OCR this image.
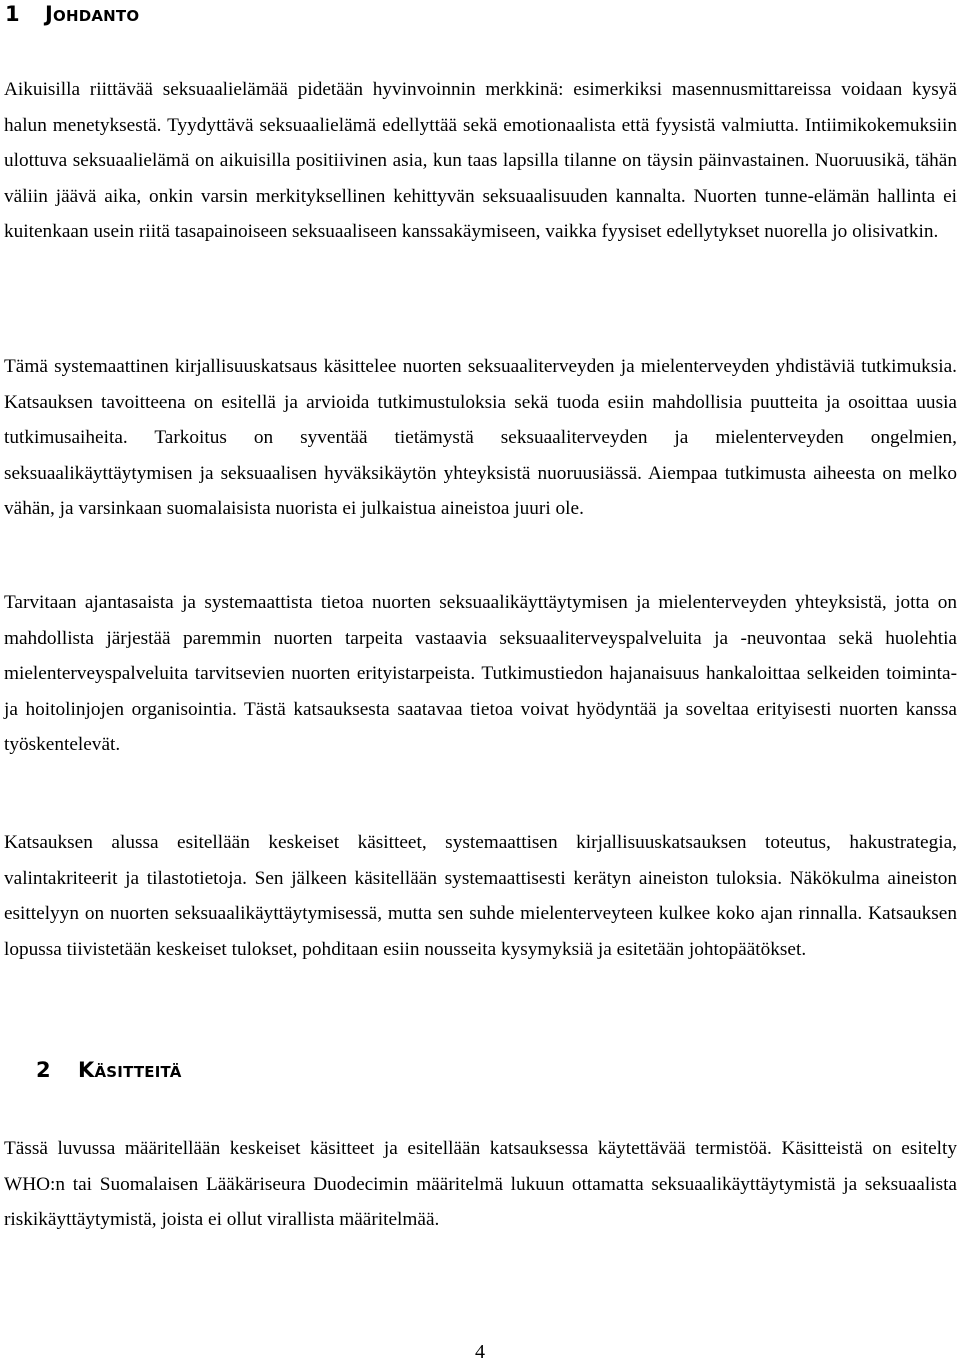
1 Johdanto

Aikuisilla riittävää seksuaalielämää pidetään hyvinvoinnin merkkinä: esimerkiksi masennusmittareissa voidaan kysyä halun menetyksestä. Tyydyttävä seksuaalielämä edellyttää sekä emotionaalista että fyysistä valmiutta. Intiimikokemuksiin ulottuva seksuaalielämä on aikuisilla positiivinen asia, kun taas lapsilla tilanne on täysin päinvastainen. Nuoruusikä, tähän väliin jäävä aika, onkin varsin merkityksellinen kehittyvän seksuaalisuuden kannalta. Nuorten tunne-elämän hallinta ei kuitenkaan usein riitä tasapainoiseen seksuaaliseen kanssakäymiseen, vaikka fyysiset edellytykset nuorella jo olisivatkin.

Tämä systemaattinen kirjallisuuskatsaus käsittelee nuorten seksuaaliterveyden ja mielenterveyden yhdistäviä tutkimuksia. Katsauksen tavoitteena on esitellä ja arvioida tutkimustuloksia sekä tuoda esiin mahdollisia puutteita ja osoittaa uusia tutkimusaiheita. Tarkoitus on syventää tietämystä seksuaaliterveyden ja mielenterveyden ongelmien, seksuaalikäyttäytymisen ja seksuaalisen hyväksikäytön yhteyksistä nuoruusiässä. Aiempaa tutkimusta aiheesta on melko vähän, ja varsinkaan suomalaisista nuorista ei julkaistua aineistoa juuri ole.

Tarvitaan ajantasaista ja systemaattista tietoa nuorten seksuaalikäyttäytymisen ja mielenterveyden yhteyksistä, jotta on mahdollista järjestää paremmin nuorten tarpeita vastaavia seksuaaliterveyspalveluita ja -neuvontaa sekä huolehtia mielenterveyspalveluita tarvitsevien nuorten erityistarpeista. Tutkimustiedon hajanaisuus hankaloittaa selkeiden toiminta- ja hoitolinjojen organisointia. Tästä katsauksesta saatavaa tietoa voivat hyödyntää ja soveltaa erityisesti nuorten kanssa työskentelevät.

Katsauksen alussa esitellään keskeiset käsitteet, systemaattisen kirjallisuuskatsauksen toteutus, hakustrategia, valintakriteerit ja tilastotietoja. Sen jälkeen käsitellään systemaattisesti kerätyn aineiston tuloksia. Näkökulma aineiston esittelyyn on nuorten seksuaalikäyttäytymisessä, mutta sen suhde mielenterveyteen kulkee koko ajan rinnalla. Katsauksen lopussa tiivistetään keskeiset tulokset, pohditaan esiin nousseita kysymyksiä ja esitetään johtopäätökset.

2 Käsitteitä

Tässä luvussa määritellään keskeiset käsitteet ja esitellään katsauksessa käytettävää termistöä. Käsitteistä on esitelty WHO:n tai Suomalaisen Lääkäriseura Duodecimin määritelmä lukuun ottamatta seksuaalikäyttäytymistä ja seksuaalista riskikäyttäytymistä, joista ei ollut virallista määritelmää.

4
